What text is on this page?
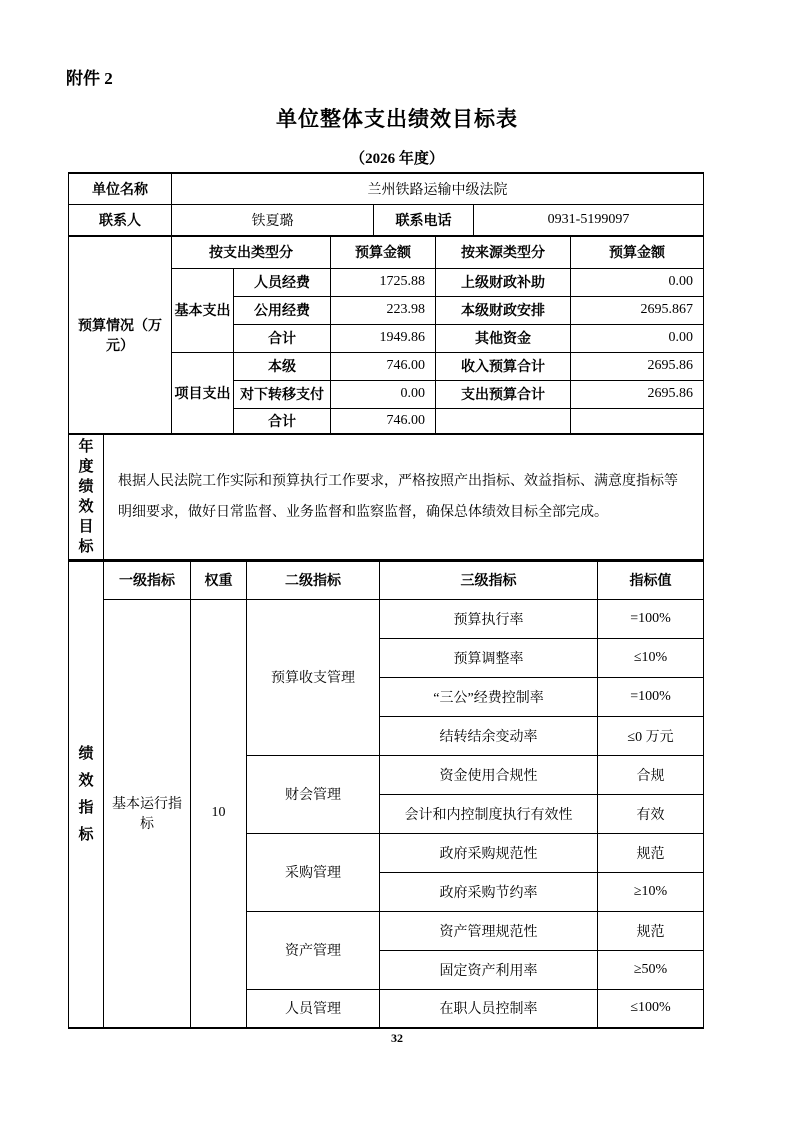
附件 2
单位整体支出绩效目标表
（2026 年度）
单位名称	兰州铁路运输中级法院						
联系人	铁夏璐			联系电话		0931-5199097	
预算情况（万元）	按支出类型分		预算金额		按来源类型分		预算金额
	基本支出	人员经费	1725.88		上级财政补助		0.00
		公用经费	223.98		本级财政安排		2695.867
		合计	1949.86		其他资金		0.00
	项目支出	本级	746.00		收入预算合计		2695.86
		对下转移支付	0.00		支出预算合计		2695.86
		合计	746.00				
年度绩效目标
	根据人民法院工作实际和预算执行工作要求，严格按照产出指标、效益指标、满意度指标等明细要求，做好日常监督、业务监督和监察监督，确保总体绩效目标全部完成。
绩效指标	一级指标	权重	二级指标	三级指标	指标值
	基本运行指标	10	预算收支管理	预算执行率	=100%
				预算调整率	≤10%
				“三公”经费控制率	=100%
				结转结余变动率	≤0 万元
			财会管理	资金使用合规性	合规
				会计和内控制度执行有效性	有效
			采购管理	政府采购规范性	规范
				政府采购节约率	≥10%
			资产管理	资产管理规范性	规范
				固定资产利用率	≥50%
			人员管理	在职人员控制率	≤100%
32
